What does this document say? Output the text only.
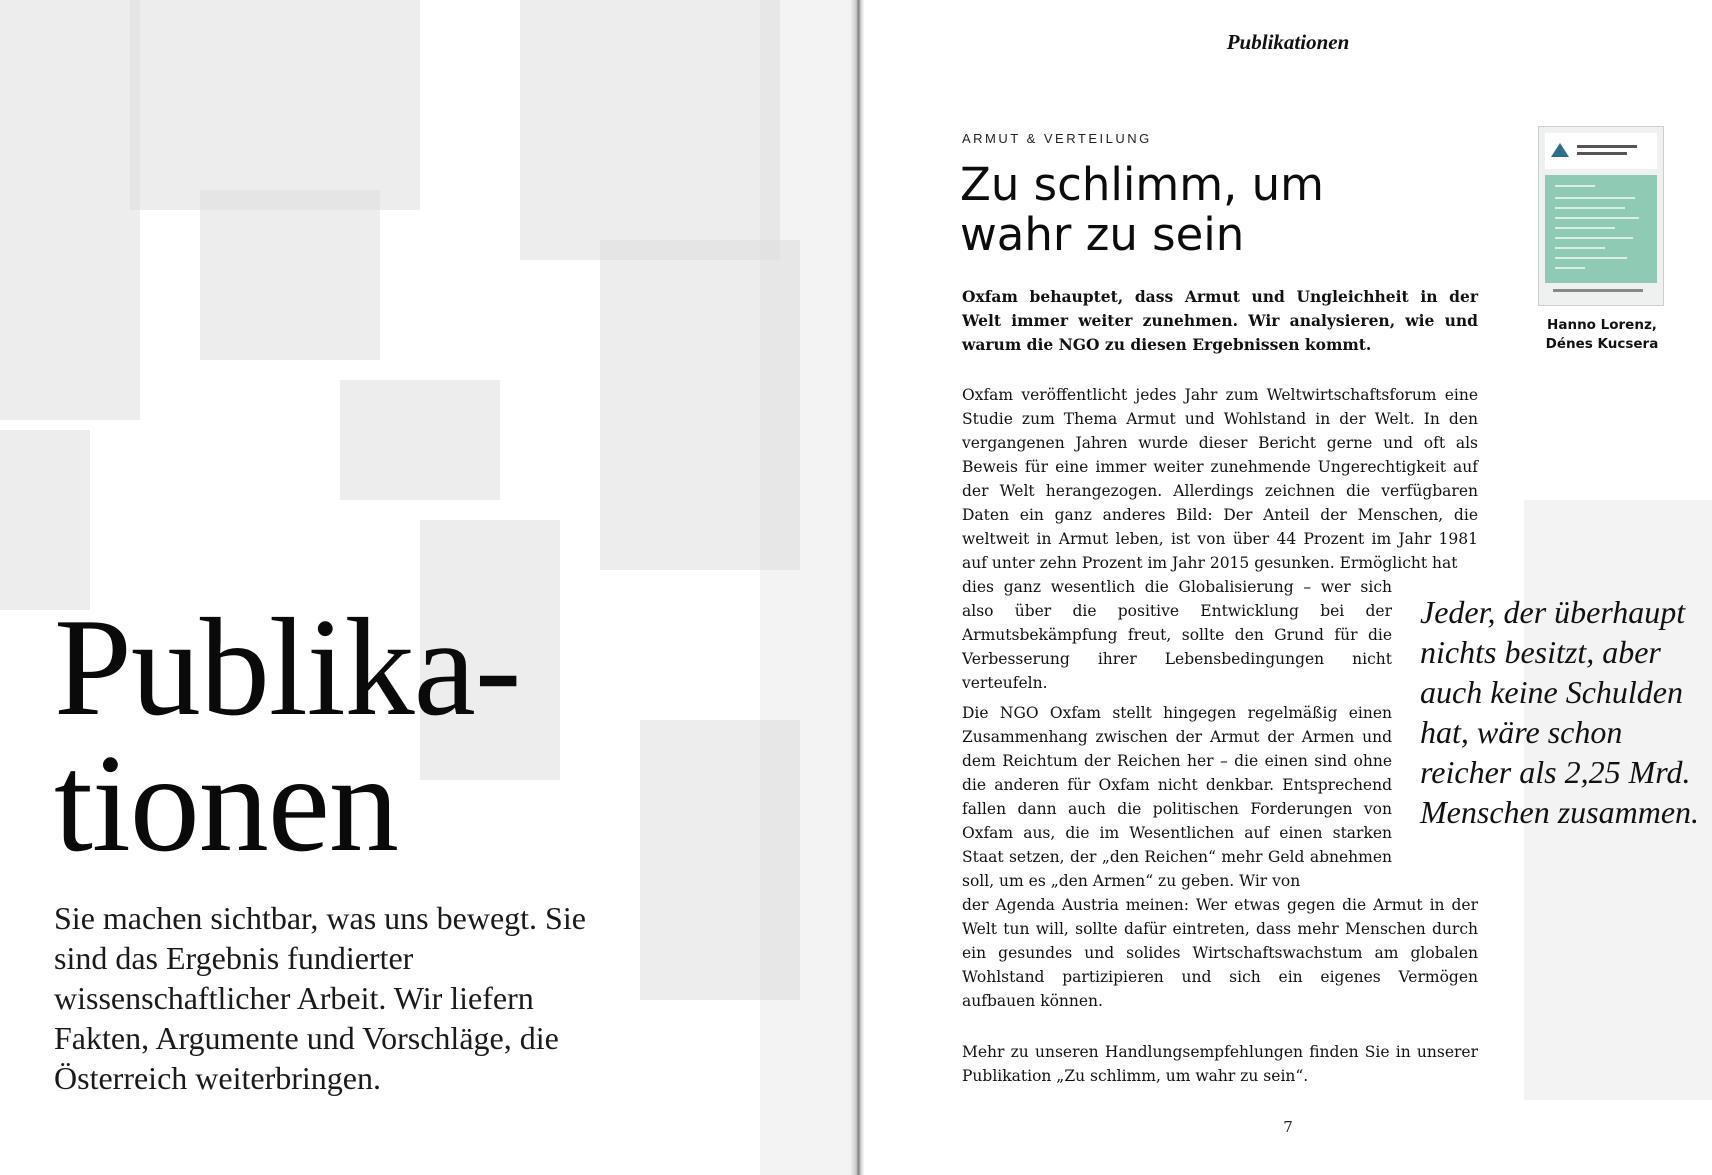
Publika-
tionen
Sie machen sichtbar, was uns bewegt. Sie sind das Ergebnis fundierter wissenschaftlicher Arbeit. Wir liefern Fakten, Argumente und Vorschläge, die Österreich weiterbringen.
Publikationen
ARMUT & VERTEILUNG
Zu schlimm, um
wahr zu sein
Hanno Lorenz,
Dénes Kucsera

Oxfam behauptet, dass Armut und Ungleichheit in der Welt immer weiter zunehmen. Wir analysieren, wie und warum die NGO zu diesen Ergebnissen kommt.

Oxfam veröffentlicht jedes Jahr zum Weltwirtschaftsforum eine Studie zum Thema Armut und Wohlstand in der Welt. In den vergangenen Jahren wurde dieser Bericht gerne und oft als Beweis für eine immer weiter zunehmende Ungerechtigkeit auf der Welt herangezogen. Allerdings zeichnen die verfügbaren Daten ein ganz anderes Bild: Der Anteil der Menschen, die weltweit in Armut leben, ist von über 44 Prozent im Jahr 1981 auf unter zehn Prozent im Jahr 2015 gesunken. Ermöglicht hat

dies ganz wesentlich die Globalisierung – wer sich also über die positive Entwicklung bei der Armutsbekämpfung freut, sollte den Grund für die Verbesserung ihrer Lebensbedingungen nicht verteufeln.

Die NGO Oxfam stellt hingegen regelmäßig einen Zusammenhang zwischen der Armut der Armen und dem Reichtum der Reichen her – die einen sind ohne die anderen für Oxfam nicht denkbar. Entsprechend fallen dann auch die politischen Forderungen von Oxfam aus, die im Wesentlichen auf einen starken Staat setzen, der „den Reichen“ mehr Geld abnehmen soll, um es „den Armen“ zu geben. Wir von

der Agenda Austria meinen: Wer etwas gegen die Armut in der Welt tun will, sollte dafür eintreten, dass mehr Menschen durch ein gesundes und solides Wirtschaftswachstum am globalen Wohlstand partizipieren und sich ein eigenes Vermögen aufbauen können.

Mehr zu unseren Handlungsempfehlungen finden Sie in unserer Publikation „Zu schlimm, um wahr zu sein“.

Jeder, der überhaupt nichts besitzt, aber auch keine Schulden hat, wäre schon reicher als 2,25 Mrd. Menschen zusammen.
7
